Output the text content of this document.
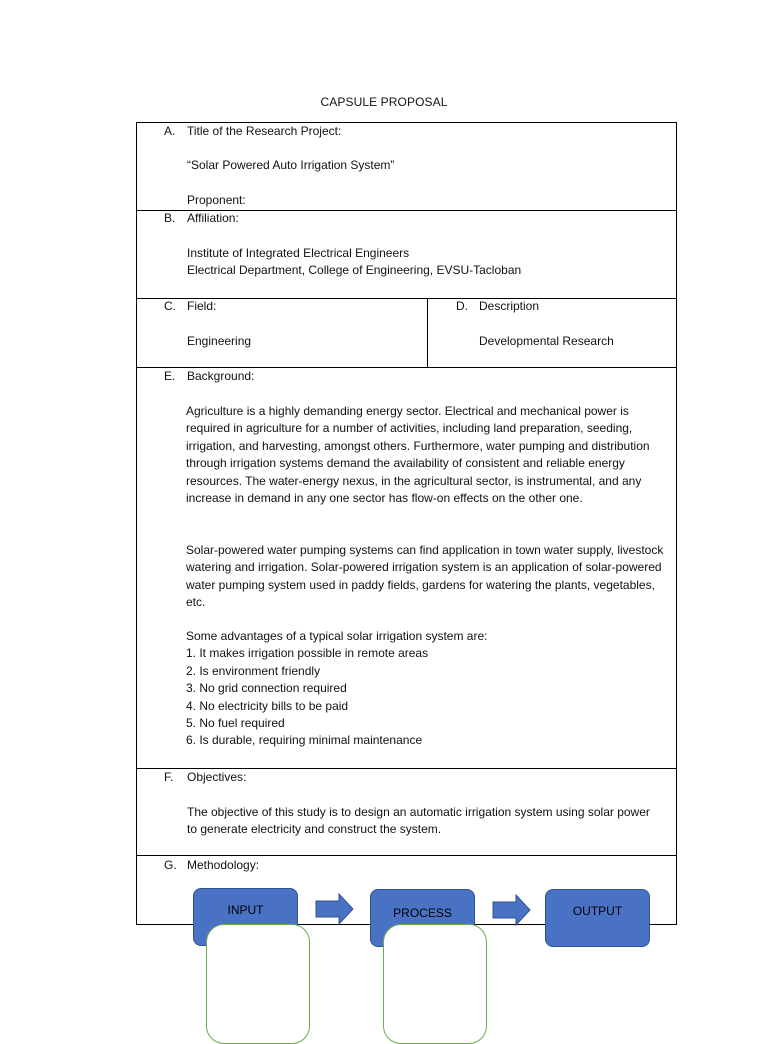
CAPSULE PROPOSAL
A. Title of the Research Project:
“Solar Powered Auto Irrigation System”
Proponent:
B. Affiliation:
Institute of Integrated Electrical Engineers
Electrical Department, College of Engineering, EVSU-Tacloban
C. Field:
Engineering
D. Description
Developmental Research
E. Background:

Agriculture is a highly demanding energy sector. Electrical and mechanical power is required in agriculture for a number of activities, including land preparation, seeding, irrigation, and harvesting, amongst others. Furthermore, water pumping and distribution through irrigation systems demand the availability of consistent and reliable energy resources. The water-energy nexus, in the agricultural sector, is instrumental, and any increase in demand in any one sector has flow-on effects on the other one.

Solar-powered water pumping systems can find application in town water supply, livestock watering and irrigation. Solar-powered irrigation system is an application of solar-powered water pumping system used in paddy fields, gardens for watering the plants, vegetables, etc.

Some advantages of a typical solar irrigation system are:
1. It makes irrigation possible in remote areas
2. Is environment friendly
3. No grid connection required
4. No electricity bills to be paid
5. No fuel required
6. Is durable, requiring minimal maintenance
F. Objectives:

The objective of this study is to design an automatic irrigation system using solar power to generate electricity and construct the system.

G. Methodology:
INPUT	PROCESS	OUTPUT
